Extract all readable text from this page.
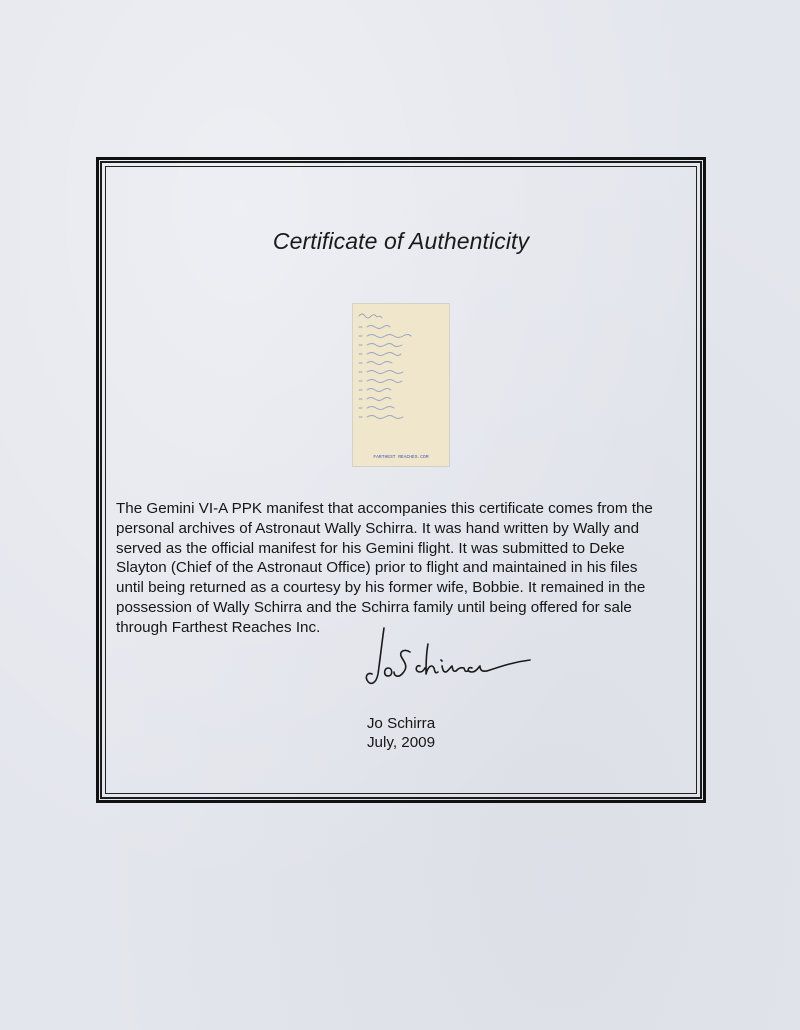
Certificate of Authenticity
FARTHEST REACHES.COM

The Gemini VI-A PPK manifest that accompanies this certificate comes from the
personal archives of Astronaut Wally Schirra. It was hand written by Wally and
served as the official manifest for his Gemini flight. It was submitted to Deke
Slayton (Chief of the Astronaut Office) prior to flight and maintained in his files
until being returned as a courtesy by his former wife, Bobbie. It remained in the
possession of Wally Schirra and the Schirra family until being offered for sale
through Farthest Reaches Inc.

Jo Schirra
July, 2009
